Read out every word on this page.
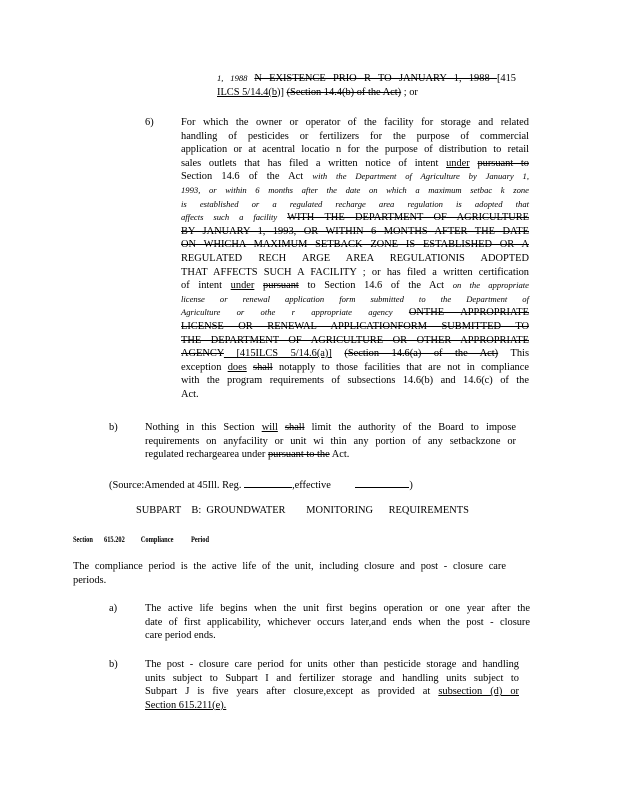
1, 1988 N EXISTENCE PRIO R TO JANUARY 1, 1988 [415
ILCS 5/14.4(b)] (Section 14.4(b) of the Act) ; or
6)	For which the owner or operator of the facility for storage and related
handling of pesticides or fertilizers for the purpose of commercial
application or at acentral locatio n for the purpose of distribution to retail
sales outlets that has filed a written notice of intent under pursuant to
Section 14.6 of the Act with the Department of Agriculture by January 1,
1993, or within 6 months after the date on which a maximum setbac k zone
is established or a regulated recharge area regulation is adopted that
affects such a facility WITH THE DEPARTMENT OF AGRICULTURE
BY JANUARY 1, 1993, OR WITHIN 6 MONTHS AFTER THE DATE
ON WHICHA MAXIMUM SETBACK ZONE IS ESTABLISHED OR A
REGULATED RECH ARGE AREA REGULATIONIS ADOPTED
THAT AFFECTS SUCH A FACILITY ; or has filed a written certification
of intent under pursuant to Section 14.6 of the Act on the appropriate
license or renewal application form submitted to the Department of
Agriculture or othe r appropriate agency ONTHE APPROPRIATE
LICENSE OR RENEWAL APPLICATIONFORM SUBMITTED TO
THE DEPARTMENT OF AGRICULTURE OR OTHER APPROPRIATE
AGENCY [415ILCS 5/14.6(a)] (Section 14.6(a) of the Act) This
exception does shall notapply to those facilities that are not in compliance
with the program requirements of subsections 14.6(b) and 14.6(c) of the
Act.
b)	Nothing in this Section will shall limit the authority of the Board to impose
requirements on anyfacility or unit wi thin any portion of any setbackzone or
regulated rechargearea under pursuant to the Act.
(Source:Amended at 45Ill. Reg.	,effective	)
SUBPART    B:  GROUNDWATER        MONITORING      REQUIREMENTS
Section       615.202          Compliance           Period
The compliance period is the active life of the unit, including closure and post - closure care
periods.
a)	The active life begins when the unit first begins operation or one year after the
date of first applicability, whichever occurs later,and ends when the post - closure
care period ends.
b)	The post - closure care period for units other than pesticide storage and handling
units subject to Subpart I and fertilizer storage and handling units subject to
Subpart J is five years after closure,except as provided at subsection (d) or
Section 615.211(e).
